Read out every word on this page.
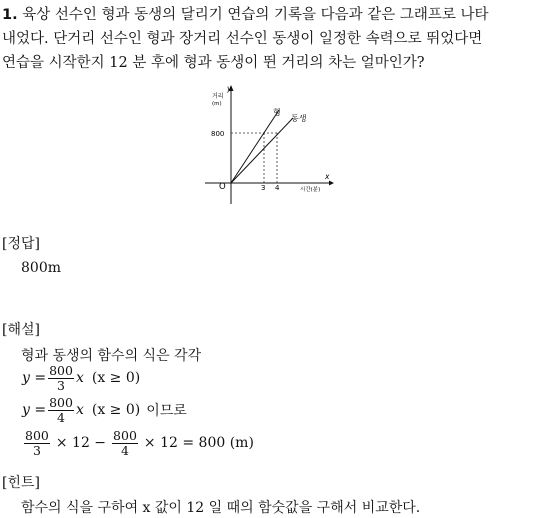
1. 육상 선수인 형과 동생의 달리기 연습의 기록을 다음과 같은 그래프로 나타
내었다. 단거리 선수인 형과 장거리 선수인 동생이 일정한 속력으로 뛰었다면
연습을 시작한지 12 분 후에 형과 동생이 뛴 거리의 차는 얼마인가?
y
거리
(m)
800
O	3 4	시간(분)
x
형
동생
[정답]
800m
[해설]
형과 동생의 함수의 식은 각각
$y = \frac{800}{3}$ x (x ≥ 0)
$y = \frac{800}{4}$ x (x ≥ 0) 이므로
$\frac{800}{3} \times 12 - \frac{800}{4} \times 12 = 800$ (m)
[힌트]
함수의 식을 구하여 x 값이 12 일 때의 함숫값을 구해서 비교한다.
